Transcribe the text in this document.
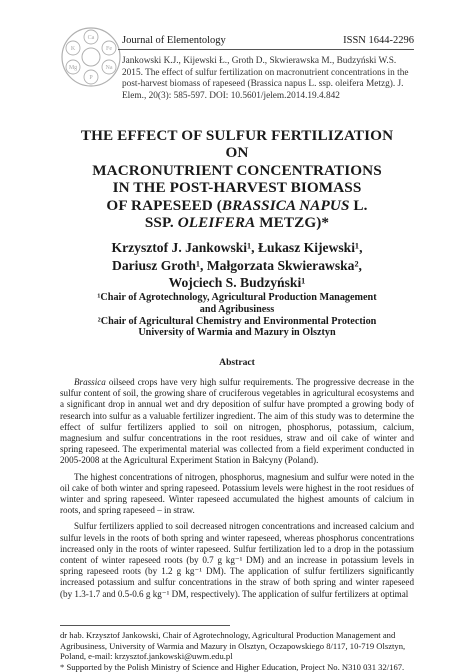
Ca
K
Mg
P
Na
Fe
Journal of Elementology	ISSN 1644-2296
Jankowski K.J., Kijewski Ł., Groth D., Skwierawska M., Budzyński W.S. 2015. The effect of sulfur fertilization on macronutrient concentrations in the post-harvest biomass of rapeseed (Brassica napus L. ssp. oleifera Metzg). J. Elem., 20(3): 585-597. DOI: 10.5601/jelem.2014.19.4.842
THE EFFECT OF SULFUR FERTILIZATION ON
MACRONUTRIENT CONCENTRATIONS
IN THE POST-HARVEST BIOMASS
OF RAPESEED (BRASSICA NAPUS L.
SSP. OLEIFERA METZG)*
Krzysztof J. Jankowski¹, Łukasz Kijewski¹,
Dariusz Groth¹, Małgorzata Skwierawska²,
Wojciech S. Budzyński¹
¹Chair of Agrotechnology, Agricultural Production Management
and Agribusiness
²Chair of Agricultural Chemistry and Environmental Protection
University of Warmia and Mazury in Olsztyn
Abstract

Brassica oilseed crops have very high sulfur requirements. The progressive decrease in the sulfur content of soil, the growing share of cruciferous vegetables in agricultural ecosystems and a significant drop in annual wet and dry deposition of sulfur have prompted a growing body of research into sulfur as a valuable fertilizer ingredient. The aim of this study was to determine the effect of sulfur fertilizers applied to soil on nitrogen, phosphorus, potassium, calcium, magnesium and sulfur concentrations in the root residues, straw and oil cake of winter and spring rapeseed. The experimental material was collected from a field experiment conducted in 2005-2008 at the Agricultural Experiment Station in Bałcyny (Poland).

The highest concentrations of nitrogen, phosphorus, magnesium and sulfur were noted in the oil cake of both winter and spring rapeseed. Potassium levels were highest in the root residues of winter and spring rapeseed. Winter rapeseed accumulated the highest amounts of calcium in roots, and spring rapeseed – in straw.

Sulfur fertilizers applied to soil decreased nitrogen concentrations and increased calcium and sulfur levels in the roots of both spring and winter rapeseed, whereas phosphorus concentrations increased only in the roots of winter rapeseed. Sulfur fertilization led to a drop in the potassium content of winter rapeseed roots (by 0.7 g kg⁻¹ DM) and an increase in potassium levels in spring rapeseed roots (by 1.2 g kg⁻¹ DM). The application of sulfur fertilizers significantly increased potassium and sulfur concentrations in the straw of both spring and winter rapeseed (by 1.3-1.7 and 0.5-0.6 g kg⁻¹ DM, respectively). The application of sulfur fertilizers at optimal

dr hab. Krzysztof Jankowski, Chair of Agrotechnology, Agricultural Production Management and Agribusiness, University of Warmia and Mazury in Olsztyn, Oczapowskiego 8/117, 10-719 Olsztyn, Poland, e-mail: krzysztof.jankowski@uwm.edu.pl

* Supported by the Polish Ministry of Science and Higher Education, Project No. N310 031 32/167.
